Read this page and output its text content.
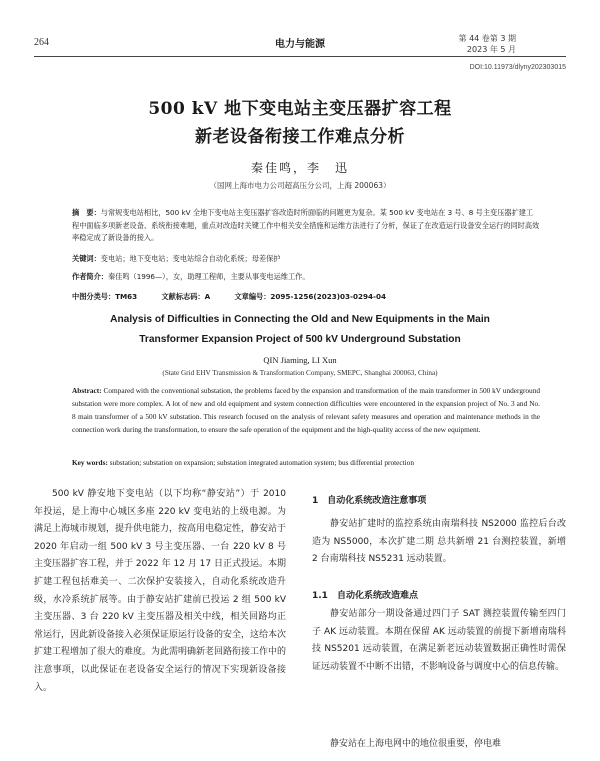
264	电力与能源
第 44 卷第 3 期
2023 年 5 月
DOI:10.11973/dlyny202303015
500 kV 地下变电站主变压器扩容工程
新老设备衔接工作难点分析
秦佳鸣，李　迅
（国网上海市电力公司超高压分公司，上海 200063）
摘　要：与常规变电站相比，500 kV 全地下变电站主变压器扩容改造时所面临的问题更为复杂。某 500 kV 变电站在 3 号、8 号主变压器扩建工程中面临多项新老设备、系统衔接难题，重点对改造时关键工作中相关安全措施和运维方法进行了分析，保证了在改造运行设备安全运行的同时高效率稳定成了新设备的接入。
关键词：变电站；地下变电站；变电站综合自动化系统；母差保护
作者简介：秦佳鸣（1996—），女，助理工程师，主要从事变电运维工作。
中图分类号：TM63	文献标志码：A	文章编号：2095-1256(2023)03-0294-04
Analysis of Difficulties in Connecting the Old and New Equipments in the Main
Transformer Expansion Project of 500 kV Underground Substation
QIN Jiaming, LI Xun
(State Grid EHV Transmission & Transformation Company, SMEPC, Shanghai 200063, China)
Abstract: Compared with the conventional substation, the problems faced by the expansion and transformation of the main transformer in 500 kV underground substation were more complex. A lot of new and old equipment and system connection difficulties were encountered in the expansion project of No. 3 and No. 8 main transformer of a 500 kV substation. This research focused on the analysis of relevant safety measures and operation and maintenance methods in the connection work during the transformation, to ensure the safe operation of the equipment and the high-quality access of the new equipment.
Key words: substation; substation on expansion; substation integrated automation system; bus differential protection

500 kV 静安地下变电站（以下均称“静安站”）于 2010 年投运，是上海中心城区多座 220 kV 变电站的上级电源。为满足上海城市规划，提升供电能力，按高用电稳定性，静安站于 2020 年启动一组 500 kV 3 号主变压器、一台 220 kV 8 号主变压器扩容工程，并于 2022 年 12 月 17 日正式投运。本期扩建工程包括难美一、二次保护安装接入，自动化系统改造升级，水冷系统扩展等。由于静安站扩建前已投运 2 组 500 kV 主变压器、3 台 220 kV 主变压器及相关中线，相关回路均正常运行，因此新设备接入必须保证原运行设备的安全，这给本次扩建工程增加了很大的难度。为此需明确新老回路衔接工作中的注意事项，以此保证在老设备安全运行的情况下实现新设备接入。

1　自动化系统改造注意事项

静安站扩建时的监控系统由南瑞科技 NS2000 监控后台改造为 NS5000，本次扩建二期 总共新增 21 台测控装置，新增 2 台南瑞科技 NS5231 远动装置。

1.1　自动化系统改造难点

静安站部分一期设备通过四门子 SAT 测控装置传输至四门子 AK 远动装置。本期在保留 AK 远动装置的前提下新增南瑞科技 NS5201 远动装置，在满足新老远动装置数据正确性时需保证远动装置不中断不出错，不影响设备与调度中心的信息传输。

静安站在上海电网中的地位很重要，停电难
